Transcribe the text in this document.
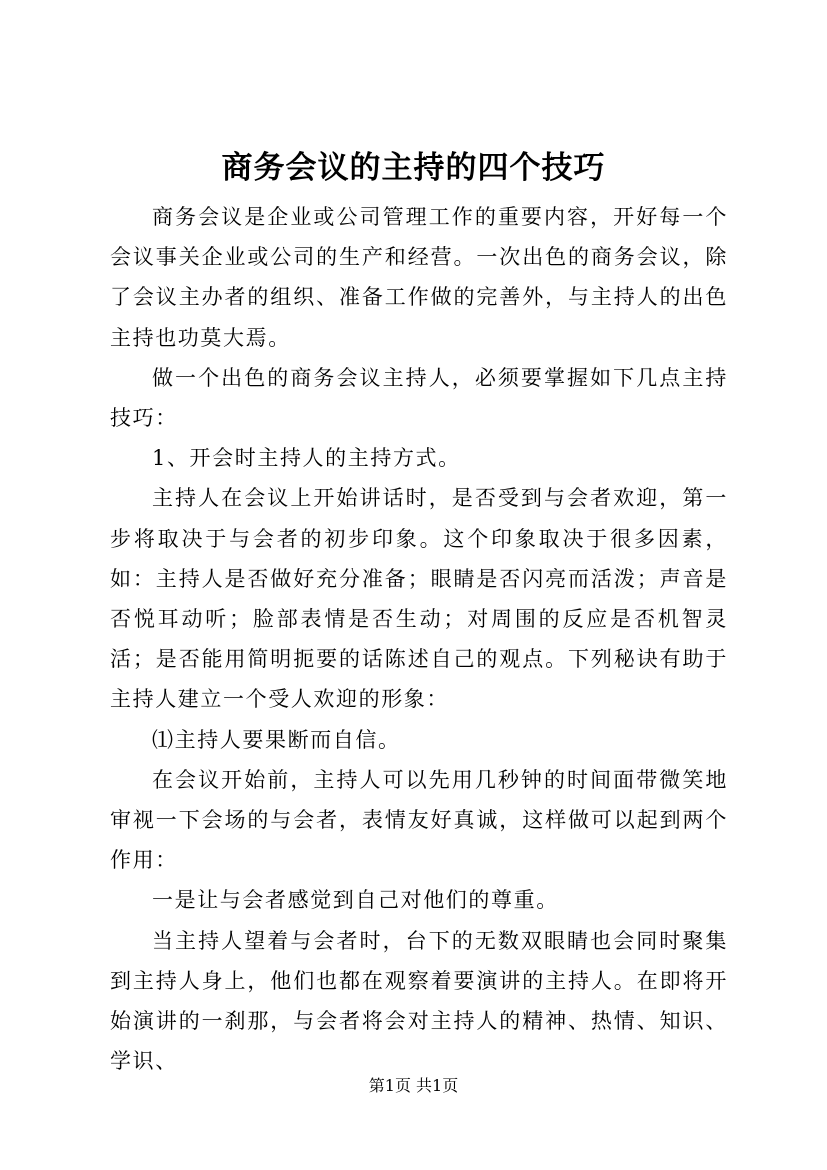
商务会议的主持的四个技巧

商务会议是企业或公司管理工作的重要内容，开好每一个会议事关企业或公司的生产和经营。一次出色的商务会议，除了会议主办者的组织、准备工作做的完善外，与主持人的出色主持也功莫大焉。

做一个出色的商务会议主持人，必须要掌握如下几点主持技巧：

1、开会时主持人的主持方式。

主持人在会议上开始讲话时，是否受到与会者欢迎，第一步将取决于与会者的初步印象。这个印象取决于很多因素，如：主持人是否做好充分准备；眼睛是否闪亮而活泼；声音是否悦耳动听；脸部表情是否生动；对周围的反应是否机智灵活；是否能用简明扼要的话陈述自己的观点。下列秘诀有助于主持人建立一个受人欢迎的形象：

⑴主持人要果断而自信。

在会议开始前，主持人可以先用几秒钟的时间面带微笑地审视一下会场的与会者，表情友好真诚，这样做可以起到两个作用：

一是让与会者感觉到自己对他们的尊重。

当主持人望着与会者时，台下的无数双眼睛也会同时聚集到主持人身上，他们也都在观察着要演讲的主持人。在即将开始演讲的一刹那，与会者将会对主持人的精神、热情、知识、学识、

第1页 共1页
